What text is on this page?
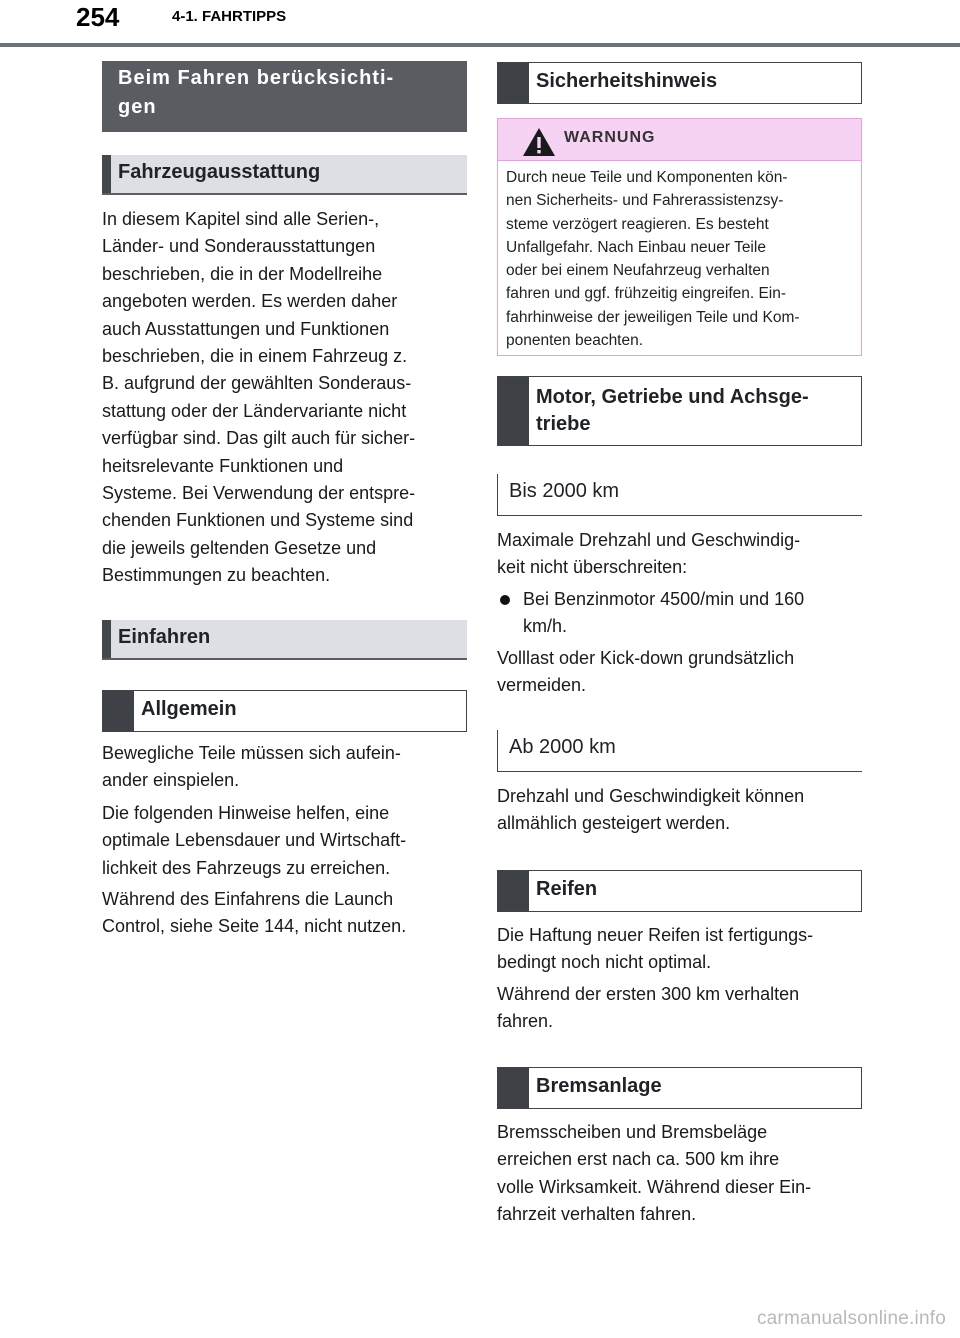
254	4-1. FAHRTIPPS
Beim Fahren berücksichti-
gen
Fahrzeugausstattung
In diesem Kapitel sind alle Serien-,
Länder- und Sonderausstattungen
beschrieben, die in der Modellreihe
angeboten werden. Es werden daher
auch Ausstattungen und Funktionen
beschrieben, die in einem Fahrzeug z.
B. aufgrund der gewählten Sonderaus-
stattung oder der Ländervariante nicht
verfügbar sind. Das gilt auch für sicher-
heitsrelevante Funktionen und
Systeme. Bei Verwendung der entspre-
chenden Funktionen und Systeme sind
die jeweils geltenden Gesetze und
Bestimmungen zu beachten.
Einfahren
Allgemein
Bewegliche Teile müssen sich aufein-
ander einspielen.
Die folgenden Hinweise helfen, eine
optimale Lebensdauer und Wirtschaft-
lichkeit des Fahrzeugs zu erreichen.
Während des Einfahrens die Launch
Control, siehe Seite 144, nicht nutzen.
Sicherheitshinweis
WARNUNG
Durch neue Teile und Komponenten kön-
nen Sicherheits- und Fahrerassistenzsy-
steme verzögert reagieren. Es besteht
Unfallgefahr. Nach Einbau neuer Teile
oder bei einem Neufahrzeug verhalten
fahren und ggf. frühzeitig eingreifen. Ein-
fahrhinweise der jeweiligen Teile und Kom-
ponenten beachten.
Motor, Getriebe und Achsge-
triebe
Bis 2000 km
Maximale Drehzahl und Geschwindig-
keit nicht überschreiten:
Bei Benzinmotor 4500/min und 160
km/h.
Volllast oder Kick-down grundsätzlich
vermeiden.
Ab 2000 km
Drehzahl und Geschwindigkeit können
allmählich gesteigert werden.
Reifen
Die Haftung neuer Reifen ist fertigungs-
bedingt noch nicht optimal.
Während der ersten 300 km verhalten
fahren.
Bremsanlage
Bremsscheiben und Bremsbeläge
erreichen erst nach ca. 500 km ihre
volle Wirksamkeit. Während dieser Ein-
fahrzeit verhalten fahren.
carmanualsonline.info
